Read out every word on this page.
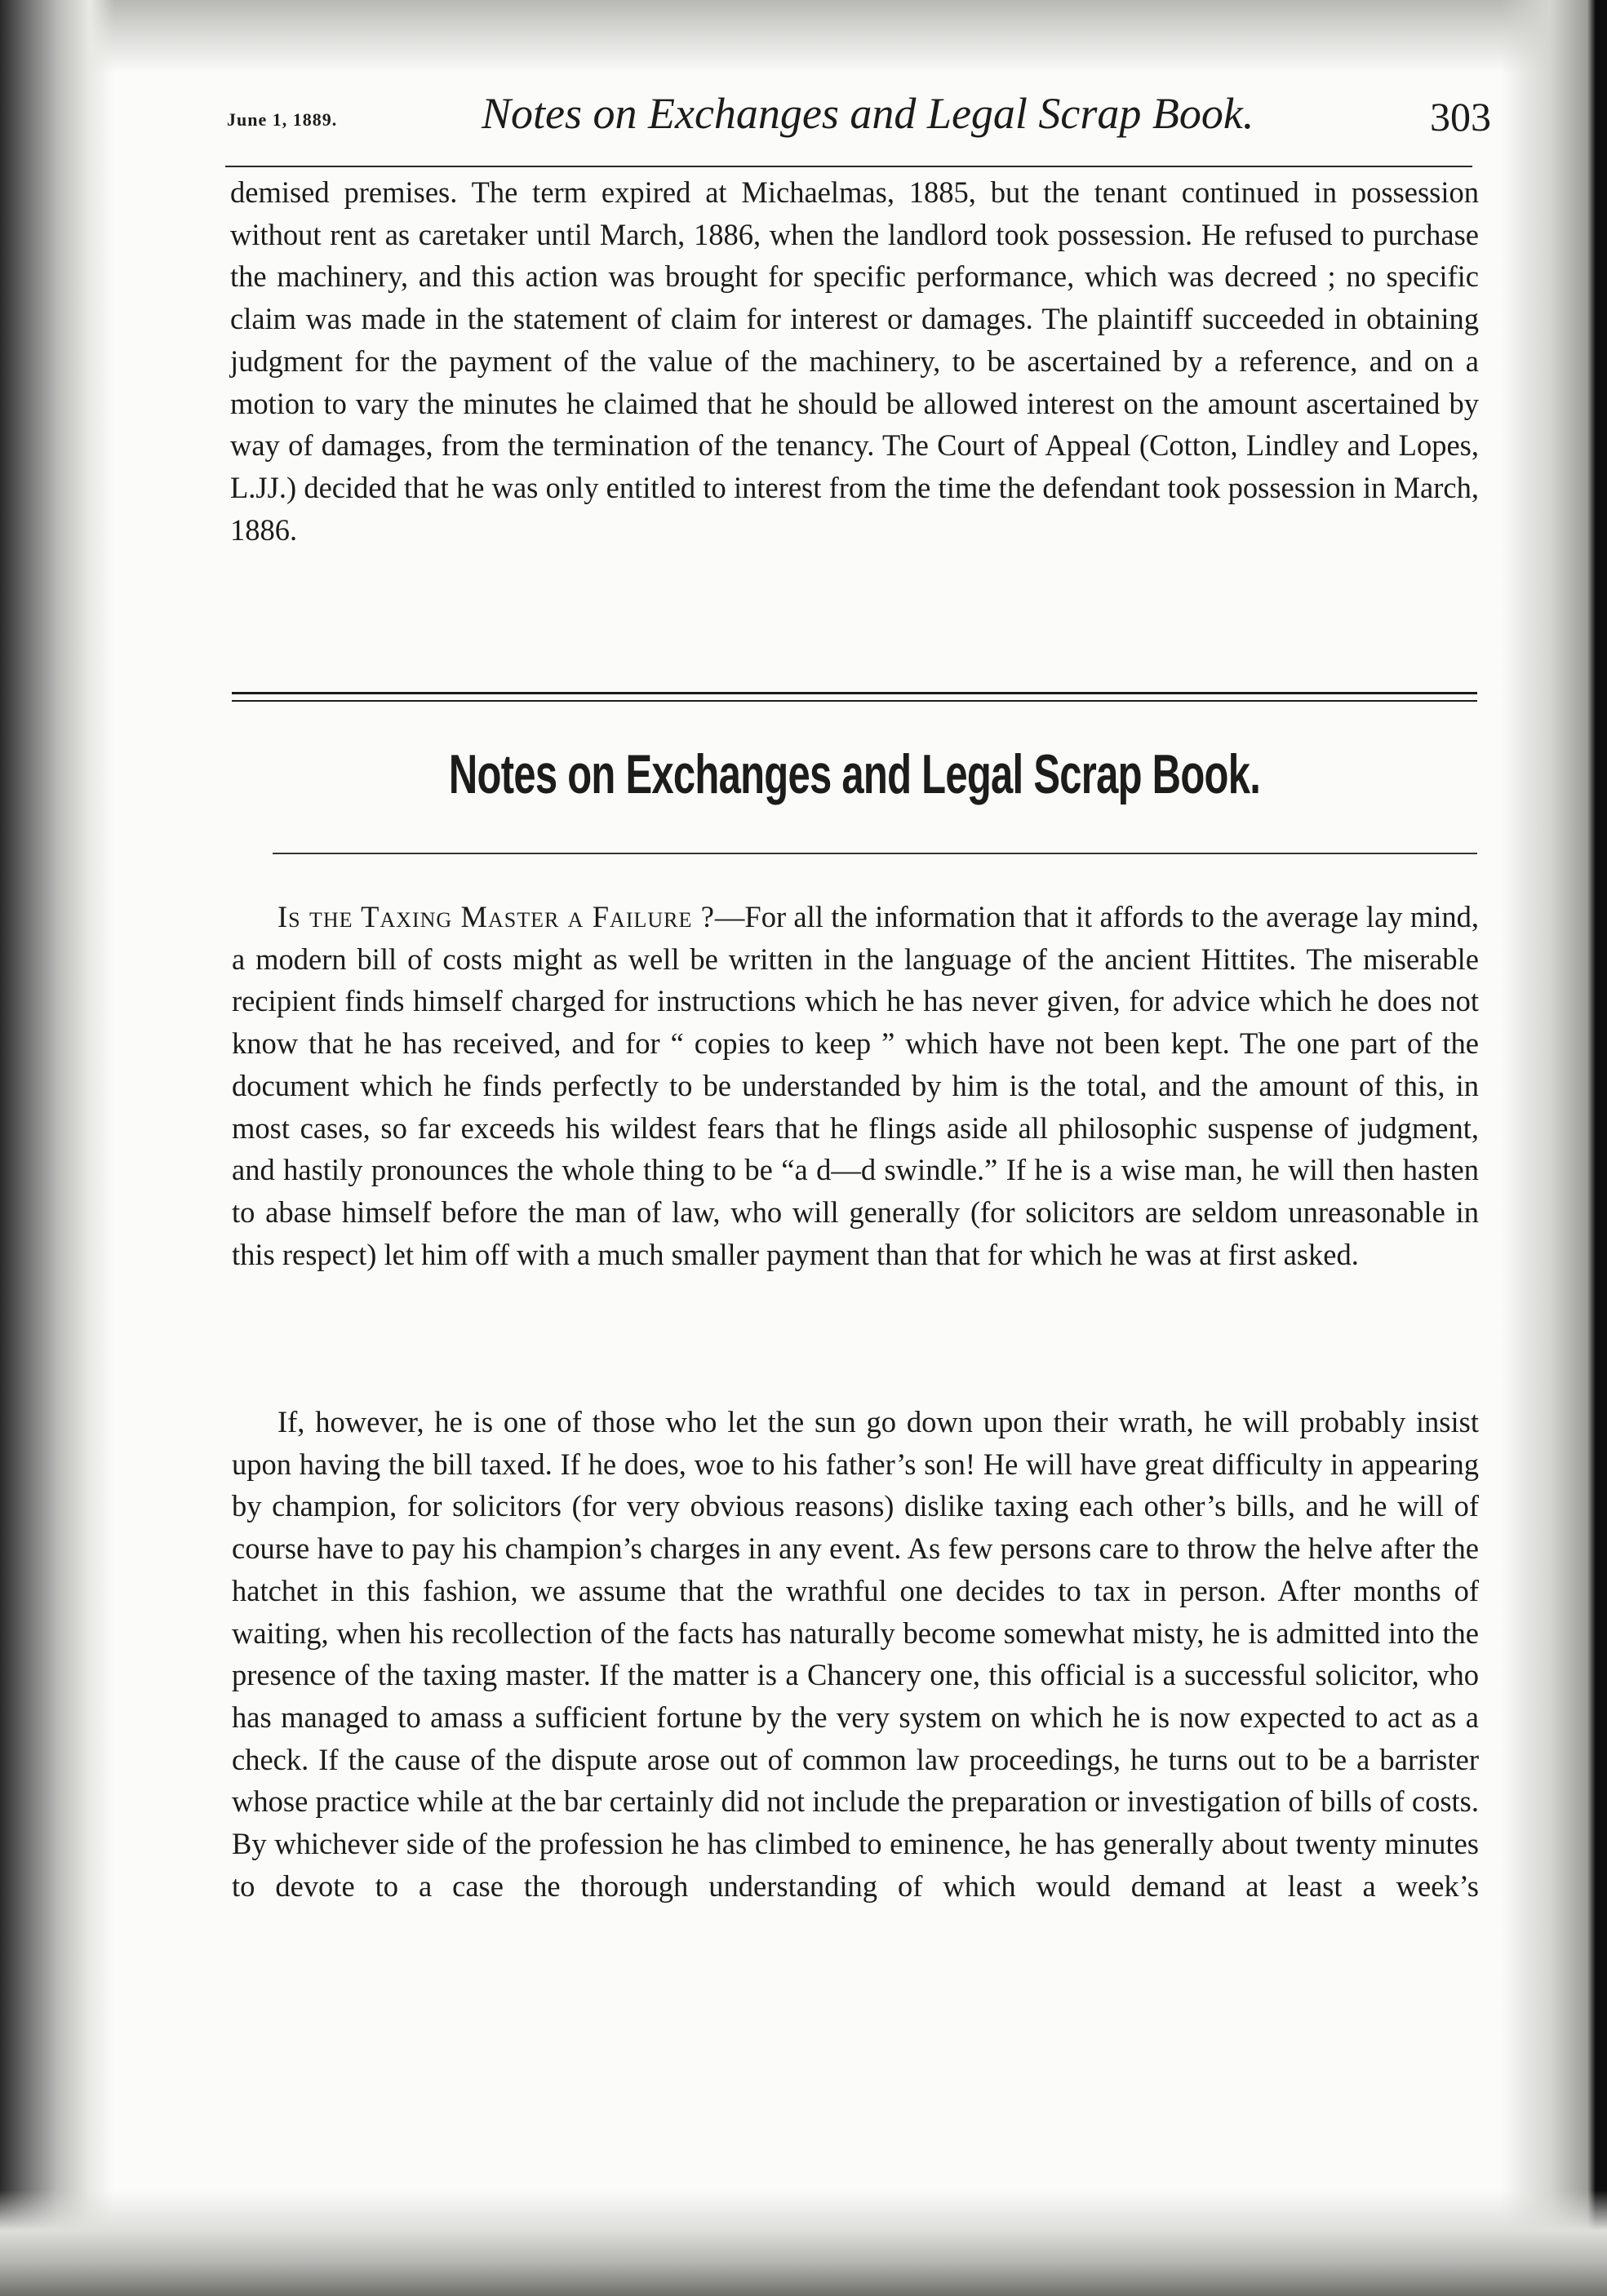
June 1, 1889.	Notes on Exchanges and Legal Scrap Book.	303

demised premises. The term expired at Michaelmas, 1885, but the tenant continued in possession without rent as caretaker until March, 1886, when the landlord took possession. He refused to purchase the machinery, and this action was brought for specific performance, which was decreed ; no specific claim was made in the statement of claim for interest or damages. The plaintiff succeeded in obtaining judgment for the payment of the value of the machinery, to be ascertained by a reference, and on a motion to vary the minutes he claimed that he should be allowed interest on the amount ascertained by way of damages, from the termination of the tenancy. The Court of Appeal (Cotton, Lindley and Lopes, L.JJ.) decided that he was only entitled to interest from the time the defendant took possession in March, 1886.

Notes on Exchanges and Legal Scrap Book.

Is the Taxing Master a Failure ?—For all the information that it affords to the average lay mind, a modern bill of costs might as well be written in the language of the ancient Hittites. The miserable recipient finds himself charged for instructions which he has never given, for advice which he does not know that he has received, and for “ copies to keep ” which have not been kept. The one part of the document which he finds perfectly to be understanded by him is the total, and the amount of this, in most cases, so far exceeds his wildest fears that he flings aside all philosophic suspense of judgment, and hastily pronounces the whole thing to be “a d—d swindle.” If he is a wise man, he will then hasten to abase himself before the man of law, who will generally (for solicitors are seldom unreasonable in this respect) let him off with a much smaller payment than that for which he was at first asked.

If, however, he is one of those who let the sun go down upon their wrath, he will probably insist upon having the bill taxed. If he does, woe to his father’s son! He will have great difficulty in appearing by champion, for solicitors (for very obvious reasons) dislike taxing each other’s bills, and he will of course have to pay his champion’s charges in any event. As few persons care to throw the helve after the hatchet in this fashion, we assume that the wrathful one decides to tax in person. After months of waiting, when his recollection of the facts has naturally become somewhat misty, he is admitted into the presence of the taxing master. If the matter is a Chancery one, this official is a successful solicitor, who has managed to amass a sufficient fortune by the very system on which he is now expected to act as a check. If the cause of the dispute arose out of common law proceedings, he turns out to be a barrister whose practice while at the bar certainly did not include the preparation or investigation of bills of costs. By whichever side of the profession he has climbed to eminence, he has generally about twenty minutes to devote to a case the thorough understanding of which would demand at least a week’s
